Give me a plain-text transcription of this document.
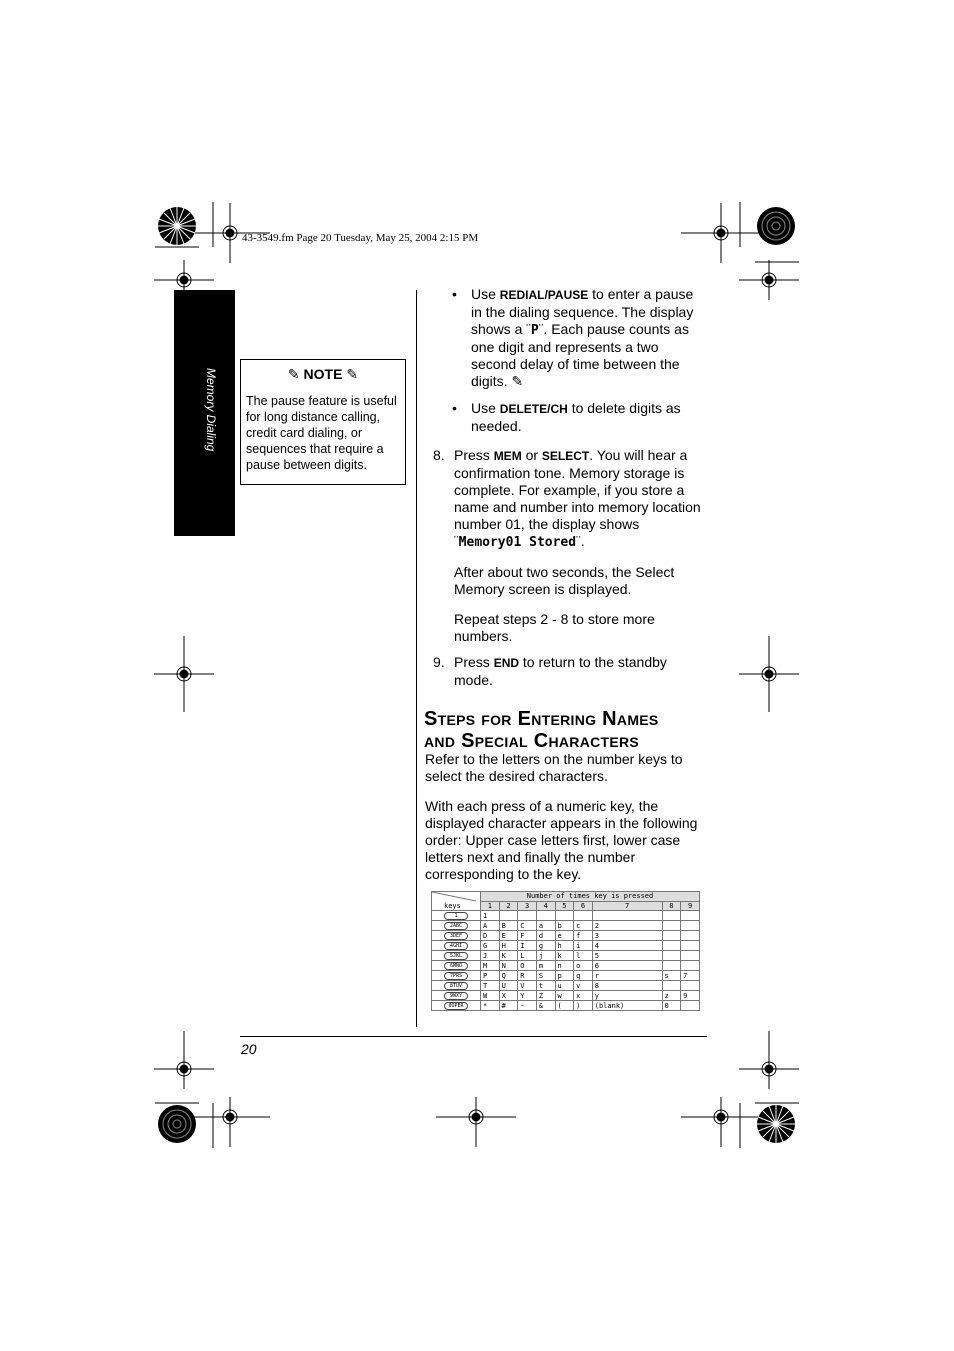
43-3549.fm Page 20 Tuesday, May 25, 2004 2:15 PM
Memory Dialing	✎ NOTE ✎
The pause feature is useful for long distance calling, credit card dialing, or sequences that require a pause between digits.
• Use REDIAL/PAUSE to enter a pause in the dialing sequence. The display shows a ¨P¨. Each pause counts as one digit and represents a two second delay of time between the digits. ✎
• Use DELETE/CH to delete digits as needed.
8. Press MEM or SELECT. You will hear a confirmation tone. Memory storage is complete. For example, if you store a name and number into memory location number 01, the display shows ¨Memory01 Stored¨.
After about two seconds, the Select Memory screen is displayed.
Repeat steps 2 - 8 to store more numbers.
9. Press END to return to the standby mode.
Steps for Entering Names
and Special Characters
Refer to the letters on the number keys to select the desired characters.
With each press of a numeric key, the displayed character appears in the following order: Upper case letters first, lower case letters next and finally the number corresponding to the key.
keys	Number of times key is pressed								
	1	2	3	4	5	6	7	8	9
1	1								
2ABC	A	B	C	a	b	c	2		
3DEF	D	E	F	d	e	f	3		
4GHI	G	H	I	g	h	i	4		
5JKL	J	K	L	j	k	l	5		
6MNO	M	N	O	m	n	o	6		
7PRS	P	Q	R	S	p	q	r	s	7
8TUV	T	U	V	t	u	v	8		
9WXY	W	X	Y	Z	w	x	y	z	9
0OPER	*	#	-	&	(	)	(blank)	0	
20
